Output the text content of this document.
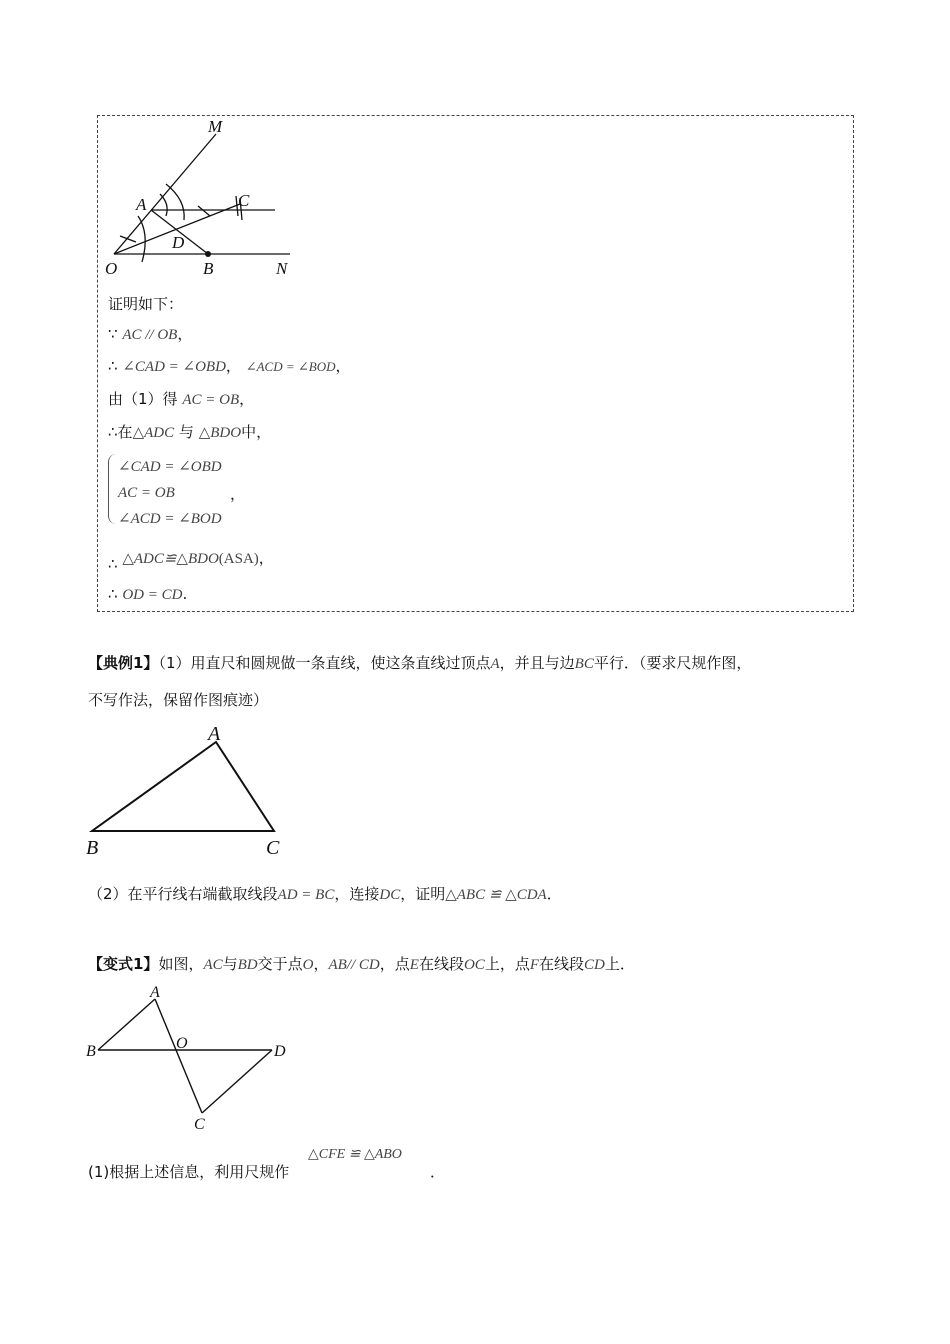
M
A	C
D
O	B	N
证明如下：
∵ AC // OB，
∴ ∠CAD = ∠OBD， ∠ACD = ∠BOD，
由（1）得 AC = OB，
∴在△ADC 与 △BDO中，
∠CAD = ∠OBD
AC = OB
∠ACD = ∠BOD
，
∴ △ADC≌△BDO(ASA)，
∴ OD = CD.
【典例1】（1）用直尺和圆规做一条直线，使这条直线过顶点A，并且与边BC平行．（要求尺规作图，
不写作法，保留作图痕迹）
A
B	C
（2）在平行线右端截取线段AD = BC，连接DC，证明△ABC ≌ △CDA．
【变式1】如图，AC与BD交于点O，AB// CD，点E在线段OC上，点F在线段CD上．
A
B	O	D
C
(1)根据上述信息，利用尺规作
△CFE ≌ △ABO
．
